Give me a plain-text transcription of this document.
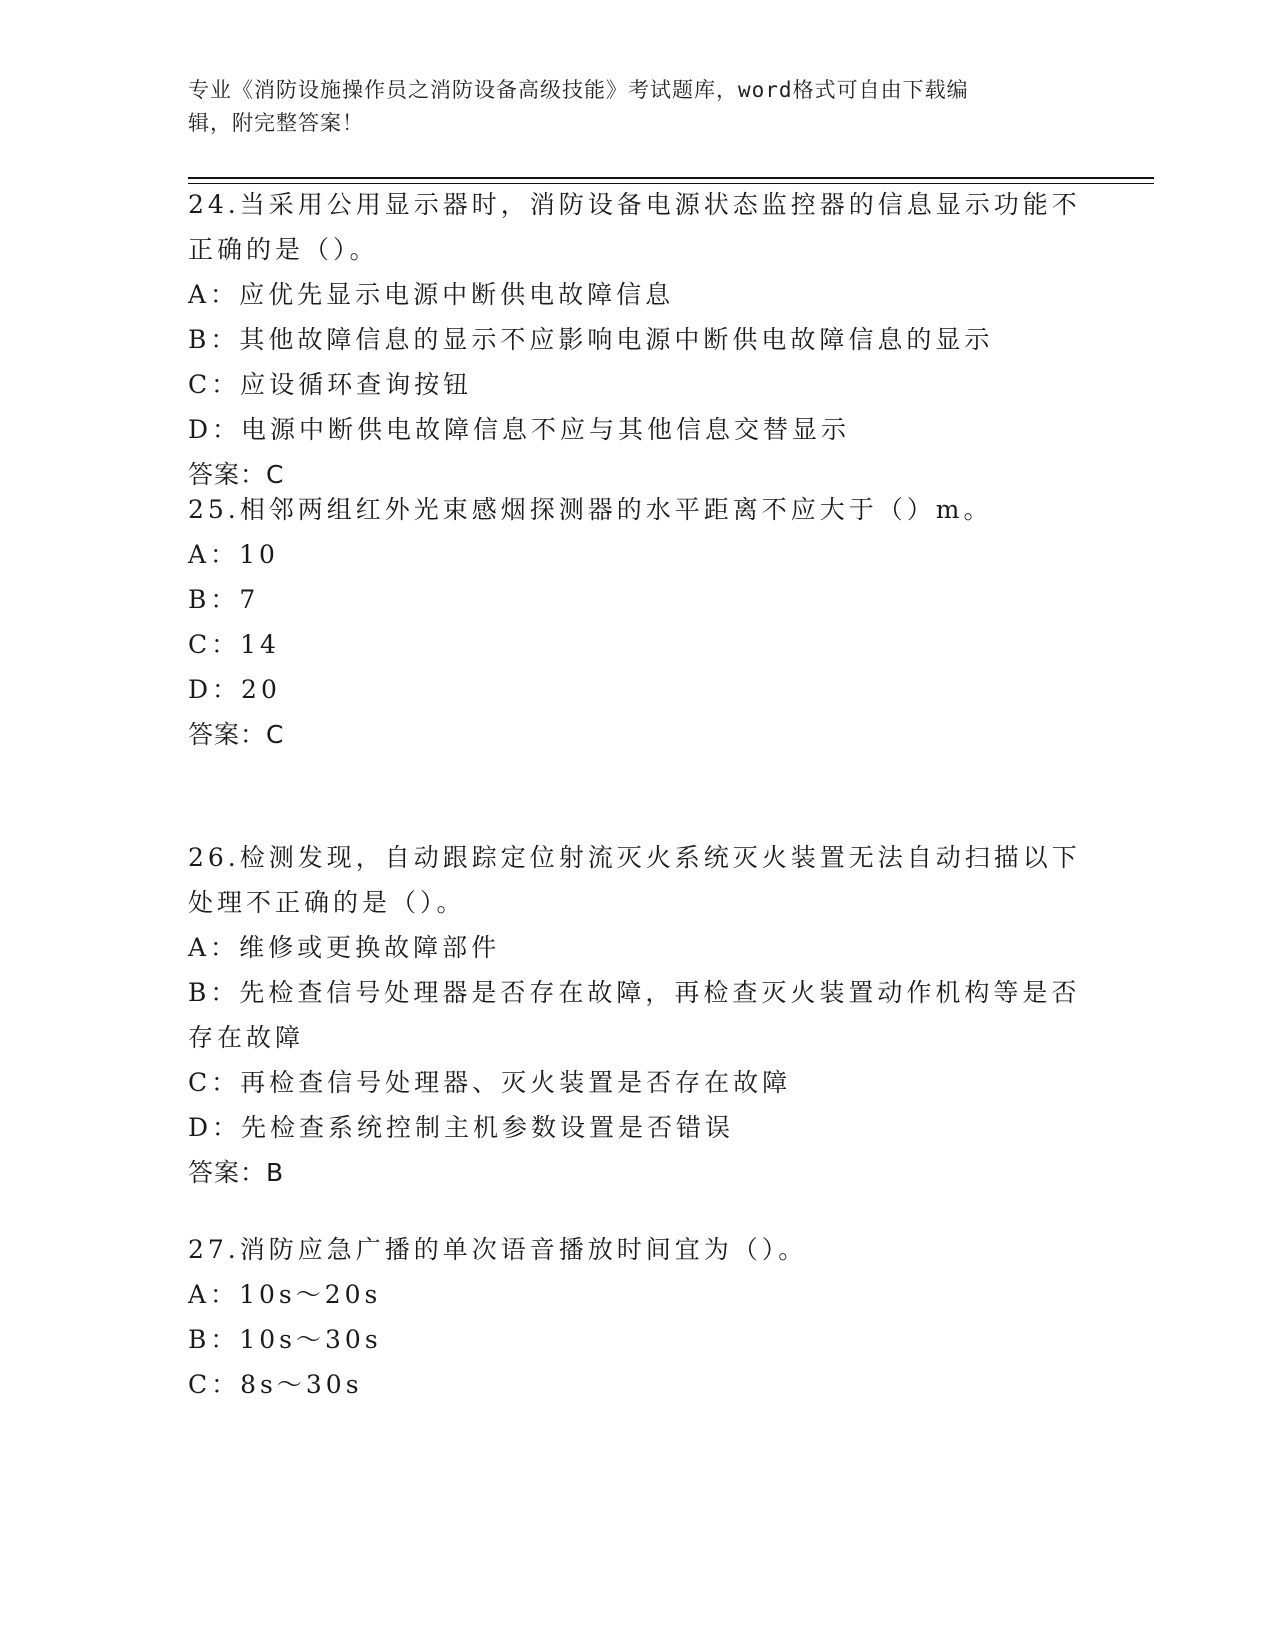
专业《消防设施操作员之消防设备高级技能》考试题库，word格式可自由下载编
辑，附完整答案！
24.当采用公用显示器时，消防设备电源状态监控器的信息显示功能不
正确的是（）。
A：应优先显示电源中断供电故障信息
B：其他故障信息的显示不应影响电源中断供电故障信息的显示
C：应设循环查询按钮
D：电源中断供电故障信息不应与其他信息交替显示
答案：C
25.相邻两组红外光束感烟探测器的水平距离不应大于（）m。
A：10
B：7
C：14
D：20
答案：C
26.检测发现，自动跟踪定位射流灭火系统灭火装置无法自动扫描以下
处理不正确的是（）。
A：维修或更换故障部件
B：先检查信号处理器是否存在故障，再检查灭火装置动作机构等是否
存在故障
C：再检查信号处理器、灭火装置是否存在故障
D：先检查系统控制主机参数设置是否错误
答案：B
27.消防应急广播的单次语音播放时间宜为（）。
A：10s～20s
B：10s～30s
C：8s～30s
